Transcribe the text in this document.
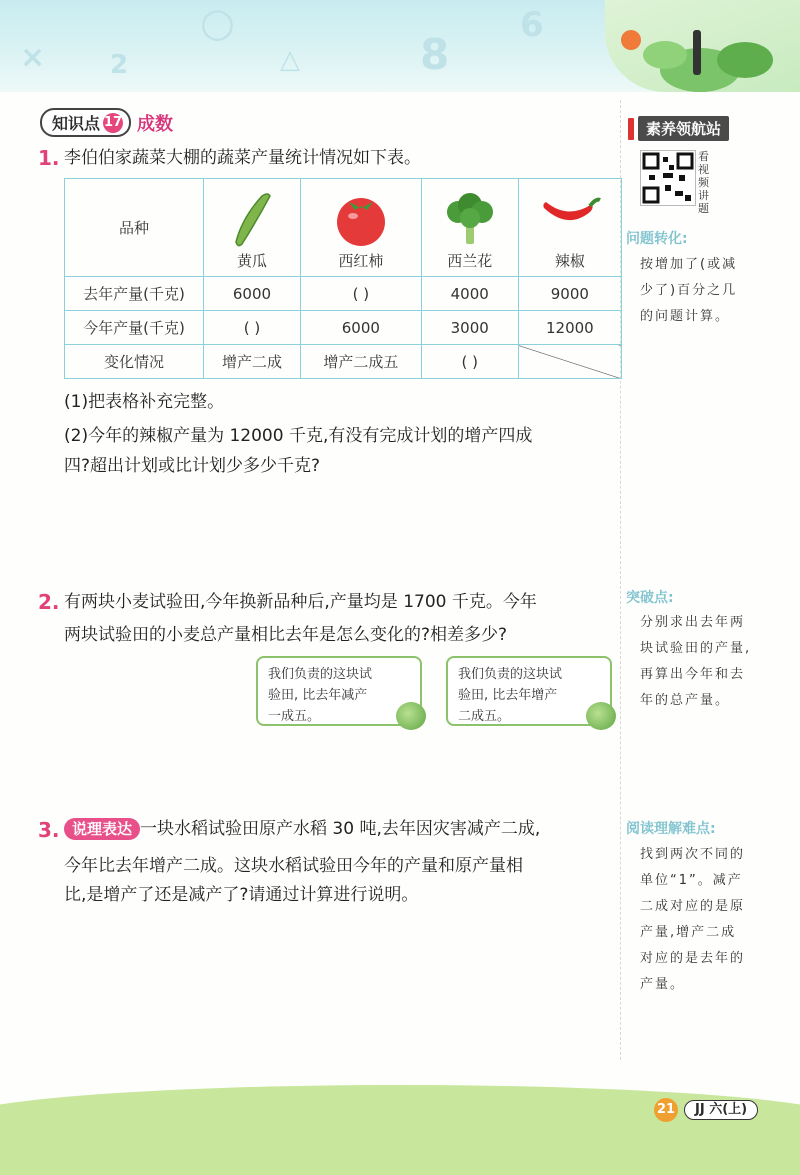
× 2
○
△	8
6
知识点 17 成数
1. 李伯伯家蔬菜大棚的蔬菜产量统计情况如下表。
品种	黄瓜	西红柿	西兰花	辣椒

去年产量(千克)	6000	( )	4000	9000
今年产量(千克)	( )	6000	3000	12000
变化情况	增产二成	增产二成五	( )	
(1)把表格补充完整。
(2)今年的辣椒产量为 12000 千克,有没有完成计划的增产四成
四?超出计划或比计划少多少千克?
2. 有两块小麦试验田,今年换新品种后,产量均是 1700 千克。今年
两块试验田的小麦总产量相比去年是怎么变化的?相差多少?
我们负责的这块试
验田, 比去年减产
一成五。
我们负责的这块试
验田, 比去年增产
二成五。
3. 说理表达 一块水稻试验田原产水稻 30 吨,去年因灾害减产二成,
今年比去年增产二成。这块水稻试验田今年的产量和原产量相
比,是增产了还是减产了?请通过计算进行说明。
素养领航站
看视频讲题
问题转化:
按增加了(或减
少了)百分之几
的问题计算。
突破点:
分别求出去年两
块试验田的产量,
再算出今年和去
年的总产量。
阅读理解难点:
找到两次不同的
单位“1”。减产
二成对应的是原
产量,增产二成
对应的是去年的
产量。
21	JJ 六(上)
